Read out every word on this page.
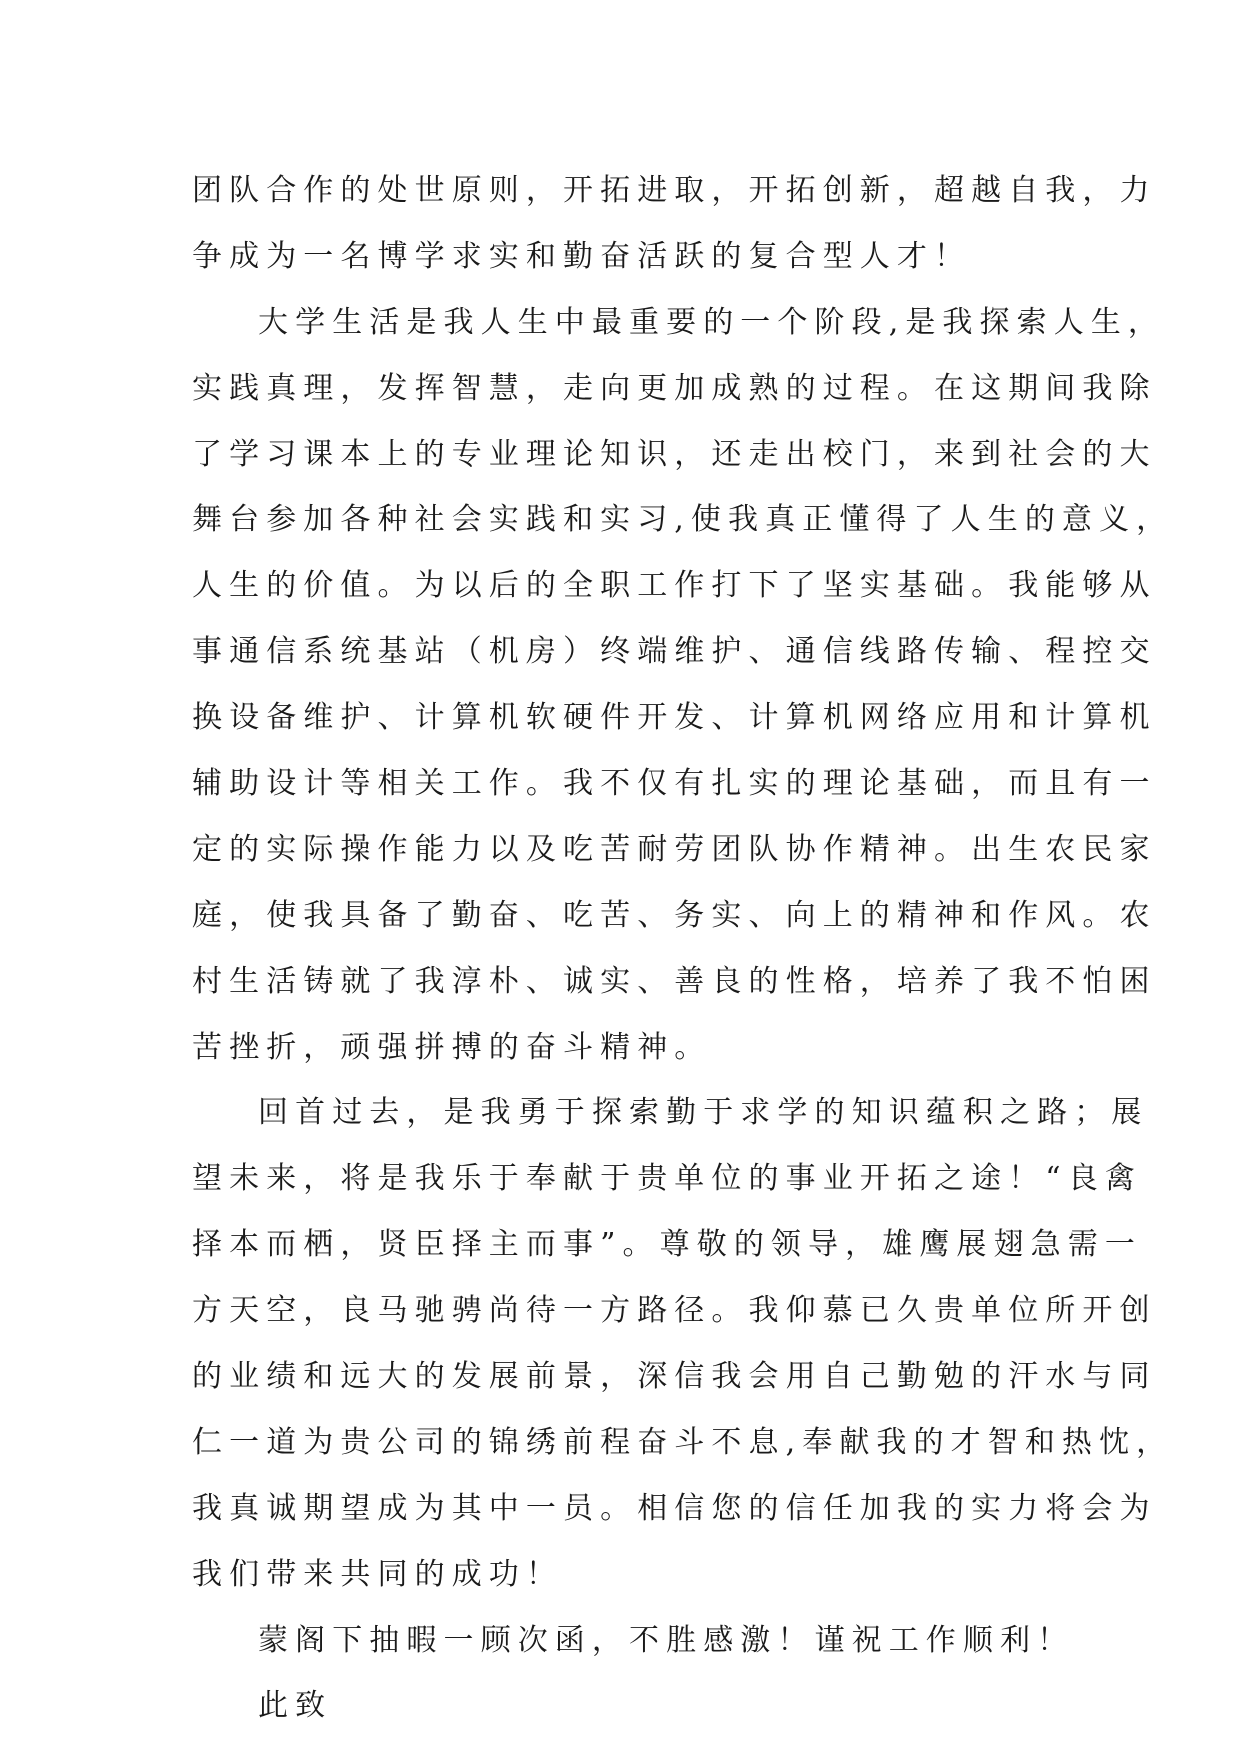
团队合作的处世原则，开拓进取，开拓创新，超越自我，力
争成为一名博学求实和勤奋活跃的复合型人才！
大学生活是我人生中最重要的一个阶段,是我探索人生，
实践真理，发挥智慧，走向更加成熟的过程。在这期间我除
了学习课本上的专业理论知识，还走出校门，来到社会的大
舞台参加各种社会实践和实习,使我真正懂得了人生的意义，
人生的价值。为以后的全职工作打下了坚实基础。我能够从
事通信系统基站（机房）终端维护、通信线路传输、程控交
换设备维护、计算机软硬件开发、计算机网络应用和计算机
辅助设计等相关工作。我不仅有扎实的理论基础，而且有一
定的实际操作能力以及吃苦耐劳团队协作精神。出生农民家
庭，使我具备了勤奋、吃苦、务实、向上的精神和作风。农
村生活铸就了我淳朴、诚实、善良的性格，培养了我不怕困
苦挫折，顽强拼搏的奋斗精神。
回首过去，是我勇于探索勤于求学的知识蕴积之路；展
望未来，将是我乐于奉献于贵单位的事业开拓之途！“良禽
择本而栖，贤臣择主而事”。尊敬的领导，雄鹰展翅急需一
方天空，良马驰骋尚待一方路径。我仰慕已久贵单位所开创
的业绩和远大的发展前景，深信我会用自己勤勉的汗水与同
仁一道为贵公司的锦绣前程奋斗不息,奉献我的才智和热忱，
我真诚期望成为其中一员。相信您的信任加我的实力将会为
我们带来共同的成功！
蒙阁下抽暇一顾次函，不胜感激！谨祝工作顺利！
此致
